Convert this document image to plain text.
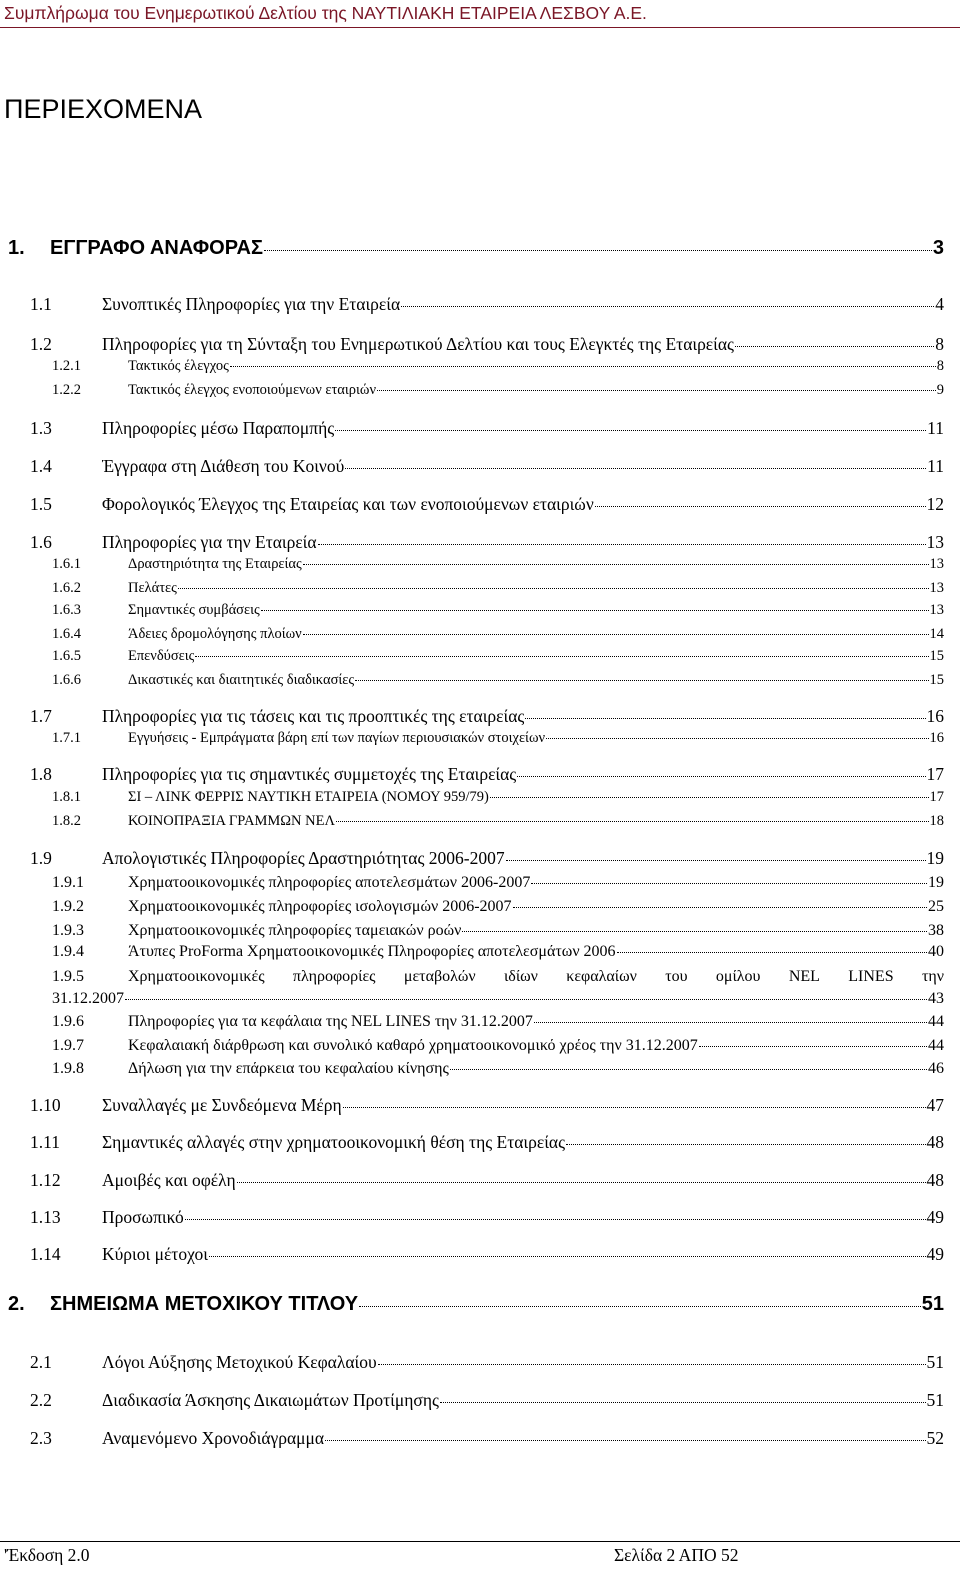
Συμπλήρωμα του Ενημερωτικού Δελτίου της ΝΑΥΤΙΛΙΑΚΗ ΕΤΑΙΡΕΙΑ ΛΕΣΒΟΥ Α.Ε.
ΠΕΡΙΕΧΟΜΕΝΑ
1.	ΕΓΓΡΑΦΟ ΑΝΑΦΟΡΑΣ	3
1.1	Συνοπτικές Πληροφορίες για την Εταιρεία	4
1.2	Πληροφορίες για τη Σύνταξη του Ενημερωτικού Δελτίου και τους Ελεγκτές της Εταιρείας	8
1.2.1	Τακτικός έλεγχος	8
1.2.2	Τακτικός έλεγχος ενοποιούμενων εταιριών	9
1.3	Πληροφορίες μέσω Παραπομπής	11
1.4	Έγγραφα στη Διάθεση του Κοινού	11
1.5	Φορολογικός Έλεγχος της Εταιρείας και των ενοποιούμενων εταιριών	12
1.6	Πληροφορίες για την Εταιρεία	13
1.6.1	Δραστηριότητα της Εταιρείας	13
1.6.2	Πελάτες	13
1.6.3	Σημαντικές συμβάσεις	13
1.6.4	Άδειες δρομολόγησης πλοίων	14
1.6.5	Επενδύσεις	15
1.6.6	Δικαστικές και διαιτητικές διαδικασίες	15
1.7	Πληροφορίες για τις τάσεις και τις προοπτικές της εταιρείας	16
1.7.1	Εγγυήσεις - Εμπράγματα βάρη επί των παγίων περιουσιακών στοιχείων	16
1.8	Πληροφορίες για τις σημαντικές συμμετοχές της Εταιρείας	17
1.8.1	ΣΙ – ΛΙΝΚ ΦΕΡΡΙΣ ΝΑΥΤΙΚΗ ΕΤΑΙΡΕΙΑ (ΝΟΜΟΥ 959/79)	17
1.8.2	ΚΟΙΝΟΠΡΑΞΙΑ ΓΡΑΜΜΩΝ ΝΕΛ	18
1.9	Απολογιστικές Πληροφορίες Δραστηριότητας 2006-2007	19
1.9.1	Χρηματοοικονομικές πληροφορίες αποτελεσμάτων 2006-2007	19
1.9.2	Χρηματοοικονομικές πληροφορίες ισολογισμών 2006-2007	25
1.9.3	Χρηματοοικονομικές πληροφορίες ταμειακών ροών	38
1.9.4	Άτυπες ProForma Χρηματοοικονομικές Πληροφορίες αποτελεσμάτων 2006	40
1.9.5	Χρηματοοικονομικές πληροφορίες μεταβολών ιδίων κεφαλαίων του ομίλου NEL LINES την
31.12.2007	43
1.9.6	Πληροφορίες για τα κεφάλαια της NEL LINES την 31.12.2007	44
1.9.7	Κεφαλαιακή διάρθρωση και συνολικό καθαρό χρηματοοικονομικό χρέος την 31.12.2007	44
1.9.8	Δήλωση για την επάρκεια του κεφαλαίου κίνησης	46
1.10	Συναλλαγές με Συνδεόμενα Μέρη	47
1.11	Σημαντικές αλλαγές στην χρηματοοικονομική θέση της Εταιρείας	48
1.12	Αμοιβές και οφέλη	48
1.13	Προσωπικό	49
1.14	Κύριοι μέτοχοι	49
2.	ΣΗΜΕΙΩΜΑ ΜΕΤΟΧΙΚΟΥ ΤΙΤΛΟΥ	51
2.1	Λόγοι Αύξησης Μετοχικού Κεφαλαίου	51
2.2	Διαδικασία Άσκησης Δικαιωμάτων Προτίμησης	51
2.3	Αναμενόμενο Χρονοδιάγραμμα	52
'Έκδοση 2.0	Σελίδα 2 ΑΠΟ 52
